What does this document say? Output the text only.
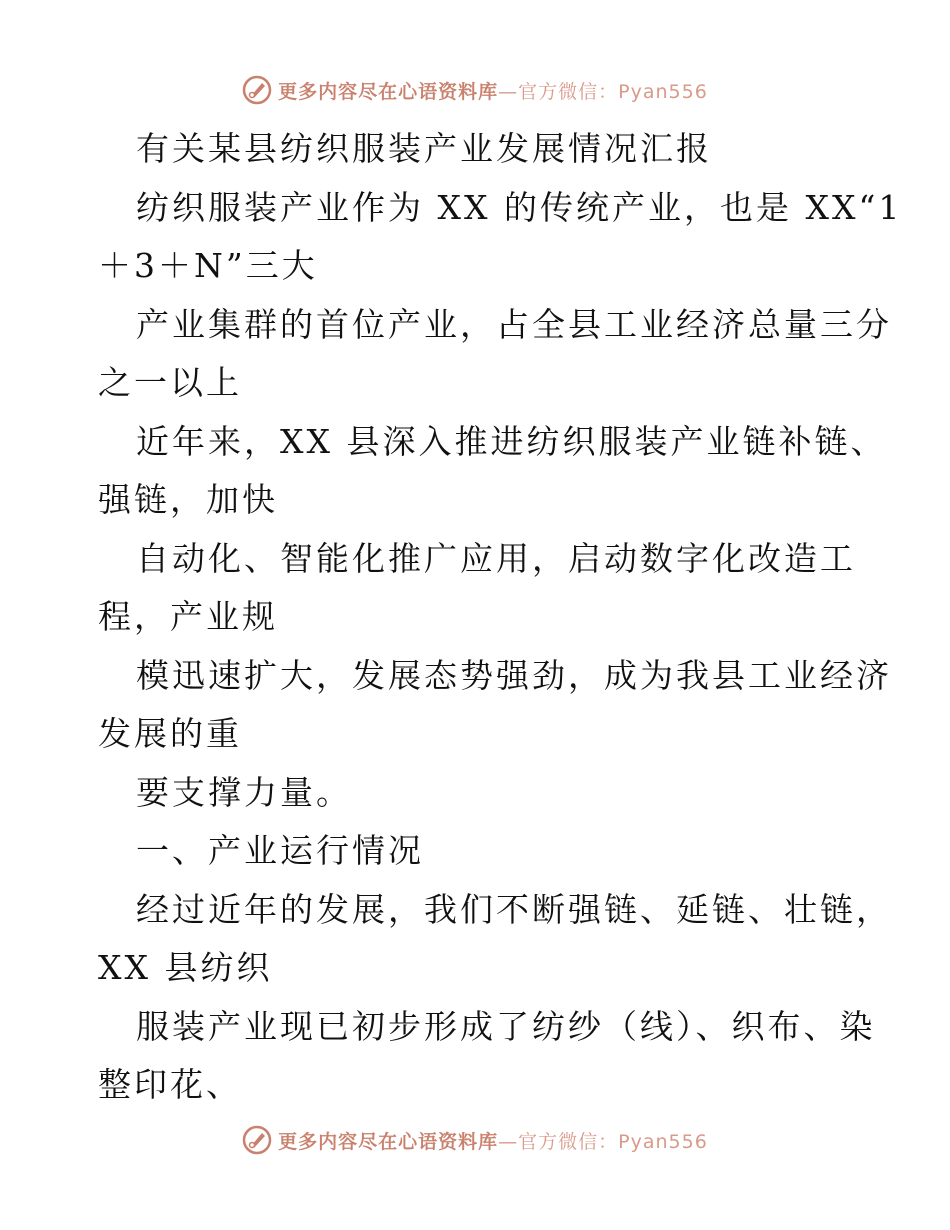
更多内容尽在心语资料库—官方微信：Pyan556
有关某县纺织服装产业发展情况汇报
纺织服装产业作为 XX 的传统产业，也是 XX“1
＋3＋N”三大
产业集群的首位产业，占全县工业经济总量三分
之一以上
近年来，XX 县深入推进纺织服装产业链补链、
强链，加快
自动化、智能化推广应用，启动数字化改造工
程，产业规
模迅速扩大，发展态势强劲，成为我县工业经济
发展的重
要支撑力量。
一、产业运行情况
经过近年的发展，我们不断强链、延链、壮链，
XX 县纺织
服装产业现已初步形成了纺纱（线）、织布、染
整印花、
更多内容尽在心语资料库—官方微信：Pyan556
